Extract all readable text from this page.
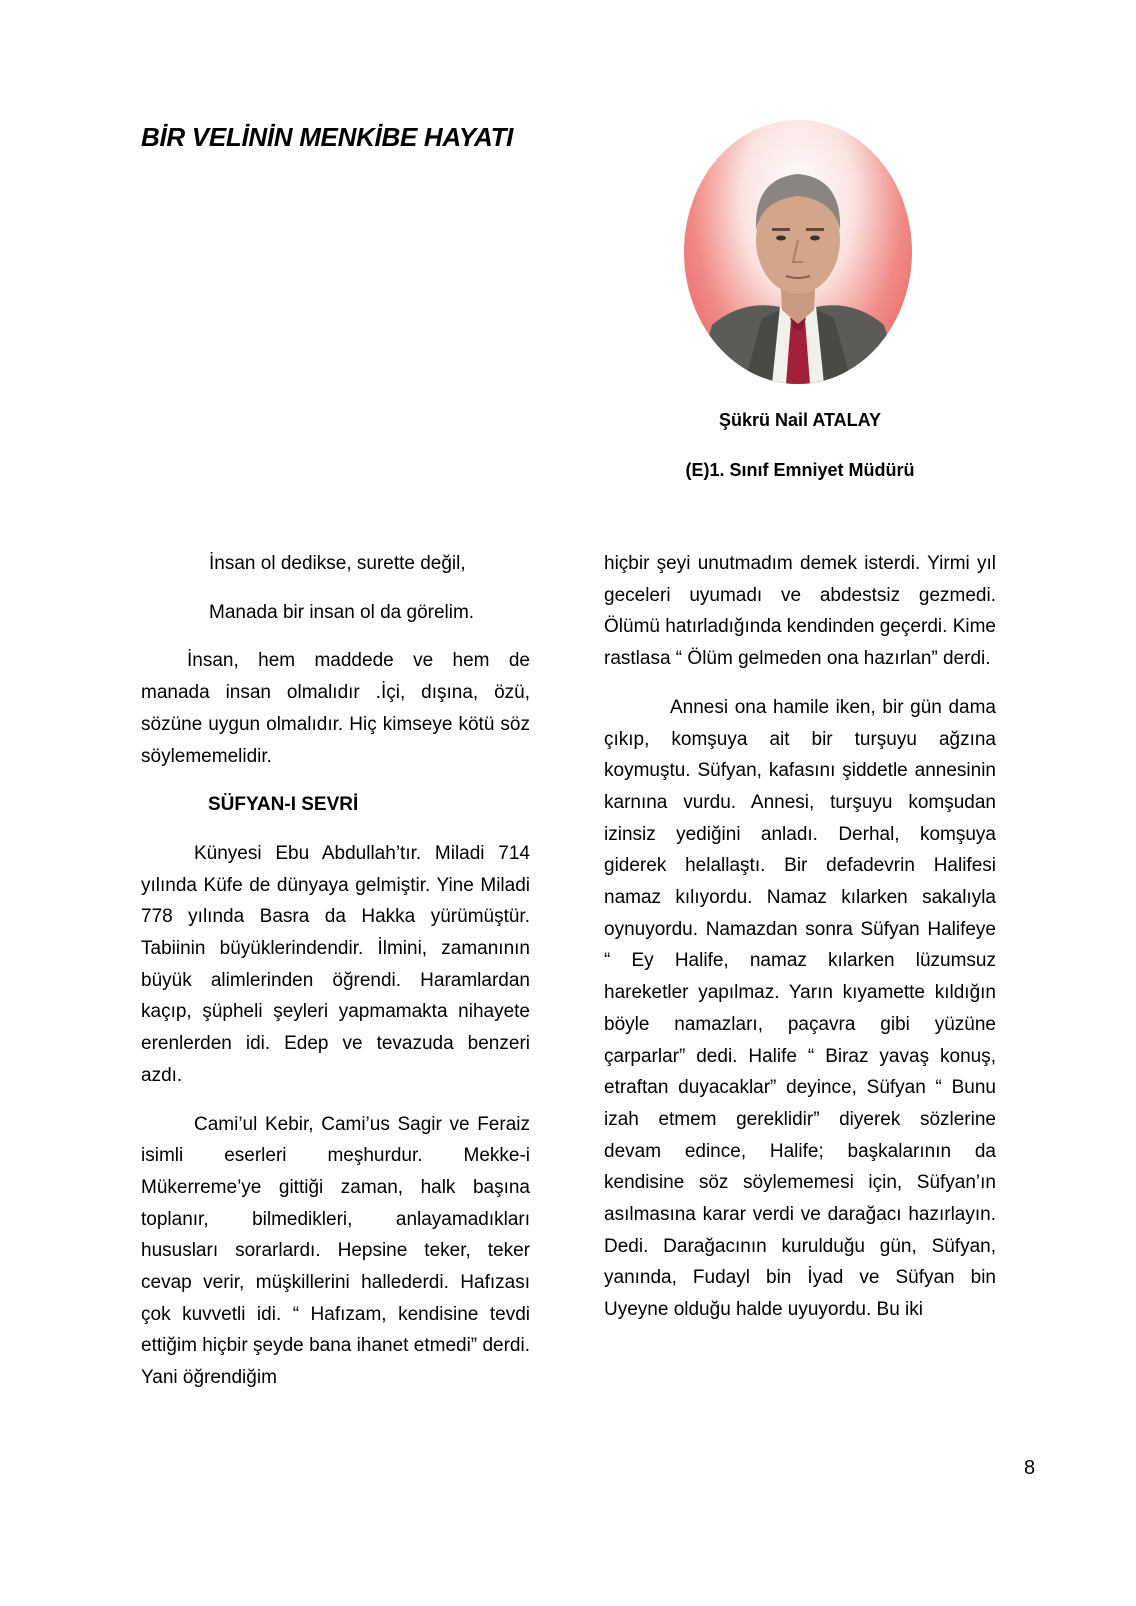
BİR VELİNİN MENKİBE HAYATI
Şükrü Nail ATALAY
(E)1. Sınıf Emniyet Müdürü

İnsan ol dedikse, surette değil,

Manada bir insan ol da görelim.

İnsan, hem maddede ve hem de manada insan olmalıdır .İçi, dışına, özü, sözüne uygun olmalıdır. Hiç kimseye kötü söz söylememelidir.

SÜFYAN-I SEVRİ

Künyesi Ebu Abdullah’tır. Miladi 714 yılında Küfe de dünyaya gelmiştir. Yine Miladi 778 yılında Basra da Hakka yürümüştür. Tabiinin büyüklerindendir. İlmini, zamanının büyük alimlerinden öğrendi. Haramlardan kaçıp, şüpheli şeyleri yapmamakta nihayete erenlerden idi. Edep ve tevazuda benzeri azdı.

Cami’ul Kebir, Cami’us Sagir ve Feraiz isimli eserleri meşhurdur. Mekke-i Mükerreme’ye gittiği zaman, halk başına toplanır, bilmedikleri, anlayamadıkları hususları sorarlardı. Hepsine teker, teker cevap verir, müşkillerini hallederdi. Hafızası çok kuvvetli idi. “ Hafızam, kendisine tevdi ettiğim hiçbir şeyde bana ihanet etmedi” derdi. Yani öğrendiğim

hiçbir şeyi unutmadım demek isterdi. Yirmi yıl geceleri uyumadı ve abdestsiz gezmedi. Ölümü hatırladığında kendinden geçerdi. Kime rastlasa “ Ölüm gelmeden ona hazırlan” derdi.

Annesi ona hamile iken, bir gün dama çıkıp, komşuya ait bir turşuyu ağzına koymuştu. Süfyan, kafasını şiddetle annesinin karnına vurdu. Annesi, turşuyu komşudan izinsiz yediğini anladı. Derhal, komşuya giderek helallaştı. Bir defadevrin Halifesi namaz kılıyordu. Namaz kılarken sakalıyla oynuyordu. Namazdan sonra Süfyan Halifeye “ Ey Halife, namaz kılarken lüzumsuz hareketler yapılmaz. Yarın kıyamette kıldığın böyle namazları, paçavra gibi yüzüne çarparlar” dedi. Halife “ Biraz yavaş konuş, etraftan duyacaklar” deyince, Süfyan “ Bunu izah etmem gereklidir” diyerek sözlerine devam edince, Halife; başkalarının da kendisine söz söylememesi için, Süfyan’ın asılmasına karar verdi ve darağacı hazırlayın. Dedi. Darağacının kurulduğu gün, Süfyan, yanında, Fudayl bin İyad ve Süfyan bin Uyeyne olduğu halde uyuyordu. Bu iki

8
